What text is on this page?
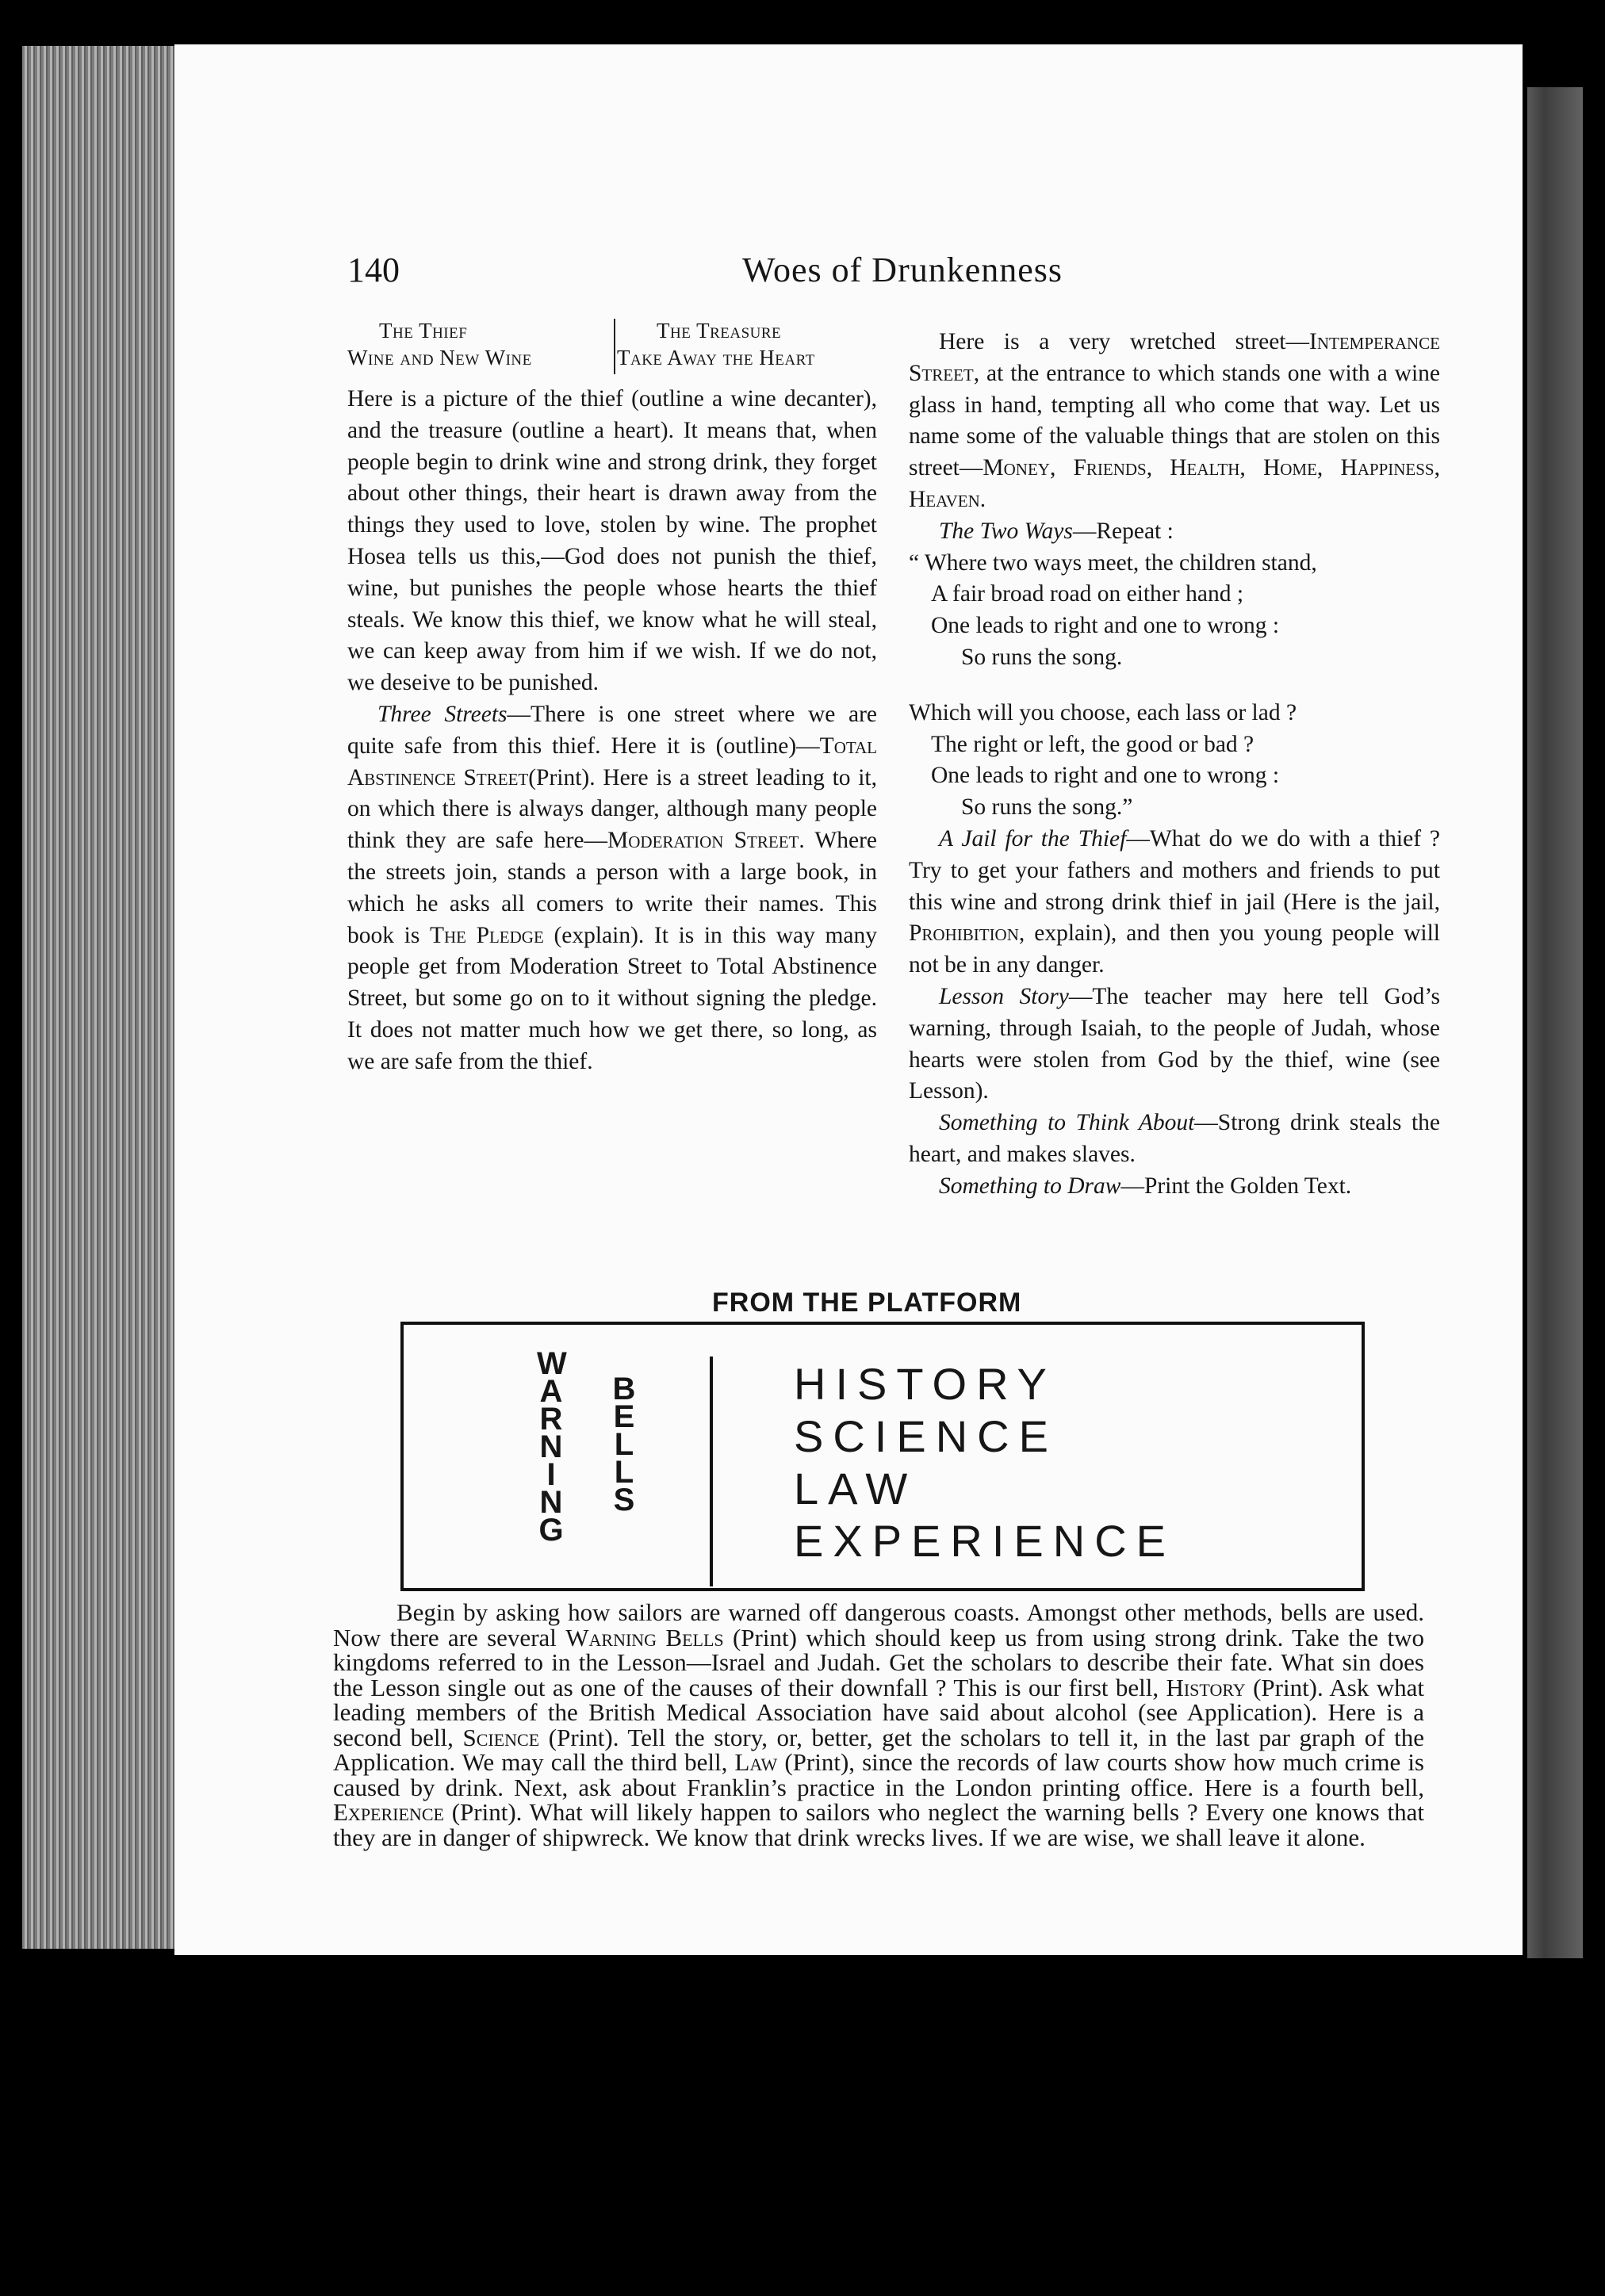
140	Woes of Drunkenness
The Thief
Wine and New Wine
The Treasure
Take Away the Heart

Here is a picture of the thief (outline a wine decanter), and the treasure (outline a heart). It means that, when people begin to drink wine and strong drink, they forget about other things, their heart is drawn away from the things they used to love, stolen by wine. The prophet Hosea tells us this,—God does not punish the thief, wine, but punishes the people whose hearts the thief steals. We know this thief, we know what he will steal, we can keep away from him if we wish. If we do not, we deseive to be punished.

Three Streets—There is one street where we are quite safe from this thief. Here it is (outline)—Total Abstinence Street(Print). Here is a street leading to it, on which there is always danger, although many people think they are safe here—Moderation Street. Where the streets join, stands a person with a large book, in which he asks all comers to write their names. This book is The Pledge (explain). It is in this way many people get from Moderation Street to Total Abstinence Street, but some go on to it without signing the pledge. It does not matter much how we get there, so long, as we are safe from the thief.

Here is a very wretched street—Intemperance Street, at the entrance to which stands one with a wine glass in hand, tempting all who come that way. Let us name some of the valuable things that are stolen on this street—Money, Friends, Health, Home, Happiness, Heaven.

The Two Ways—Repeat :

“ Where two ways meet, the children stand,
A fair broad road on either hand ;
One leads to right and one to wrong :
So runs the song.
Which will you choose, each lass or lad ?
The right or left, the good or bad ?
One leads to right and one to wrong :
So runs the song.”

A Jail for the Thief—What do we do with a thief ? Try to get your fathers and mothers and friends to put this wine and strong drink thief in jail (Here is the jail, Prohibition, explain), and then you young people will not be in any danger.

Lesson Story—The teacher may here tell God’s warning, through Isaiah, to the people of Judah, whose hearts were stolen from God by the thief, wine (see Lesson).

Something to Think About—Strong drink steals the heart, and makes slaves.

Something to Draw—Print the Golden Text.

FROM THE PLATFORM
W
A
R
N
I
N
G
B
E
L
L
S
HISTORY
SCIENCE
LAW
EXPERIENCE

Begin by asking how sailors are warned off dangerous coasts. Amongst other methods, bells are used. Now there are several Warning Bells (Print) which should keep us from using strong drink. Take the two kingdoms referred to in the Lesson—Israel and Judah. Get the scholars to describe their fate. What sin does the Lesson single out as one of the causes of their downfall ? This is our first bell, History (Print). Ask what leading members of the British Medical Association have said about alcohol (see Application). Here is a second bell, Science (Print). Tell the story, or, better, get the scholars to tell it, in the last par graph of the Application. We may call the third bell, Law (Print), since the records of law courts show how much crime is caused by drink. Next, ask about Franklin’s practice in the London printing office. Here is a fourth bell, Experience (Print). What will likely happen to sailors who neglect the warning bells ? Every one knows that they are in danger of shipwreck. We know that drink wrecks lives. If we are wise, we shall leave it alone.
